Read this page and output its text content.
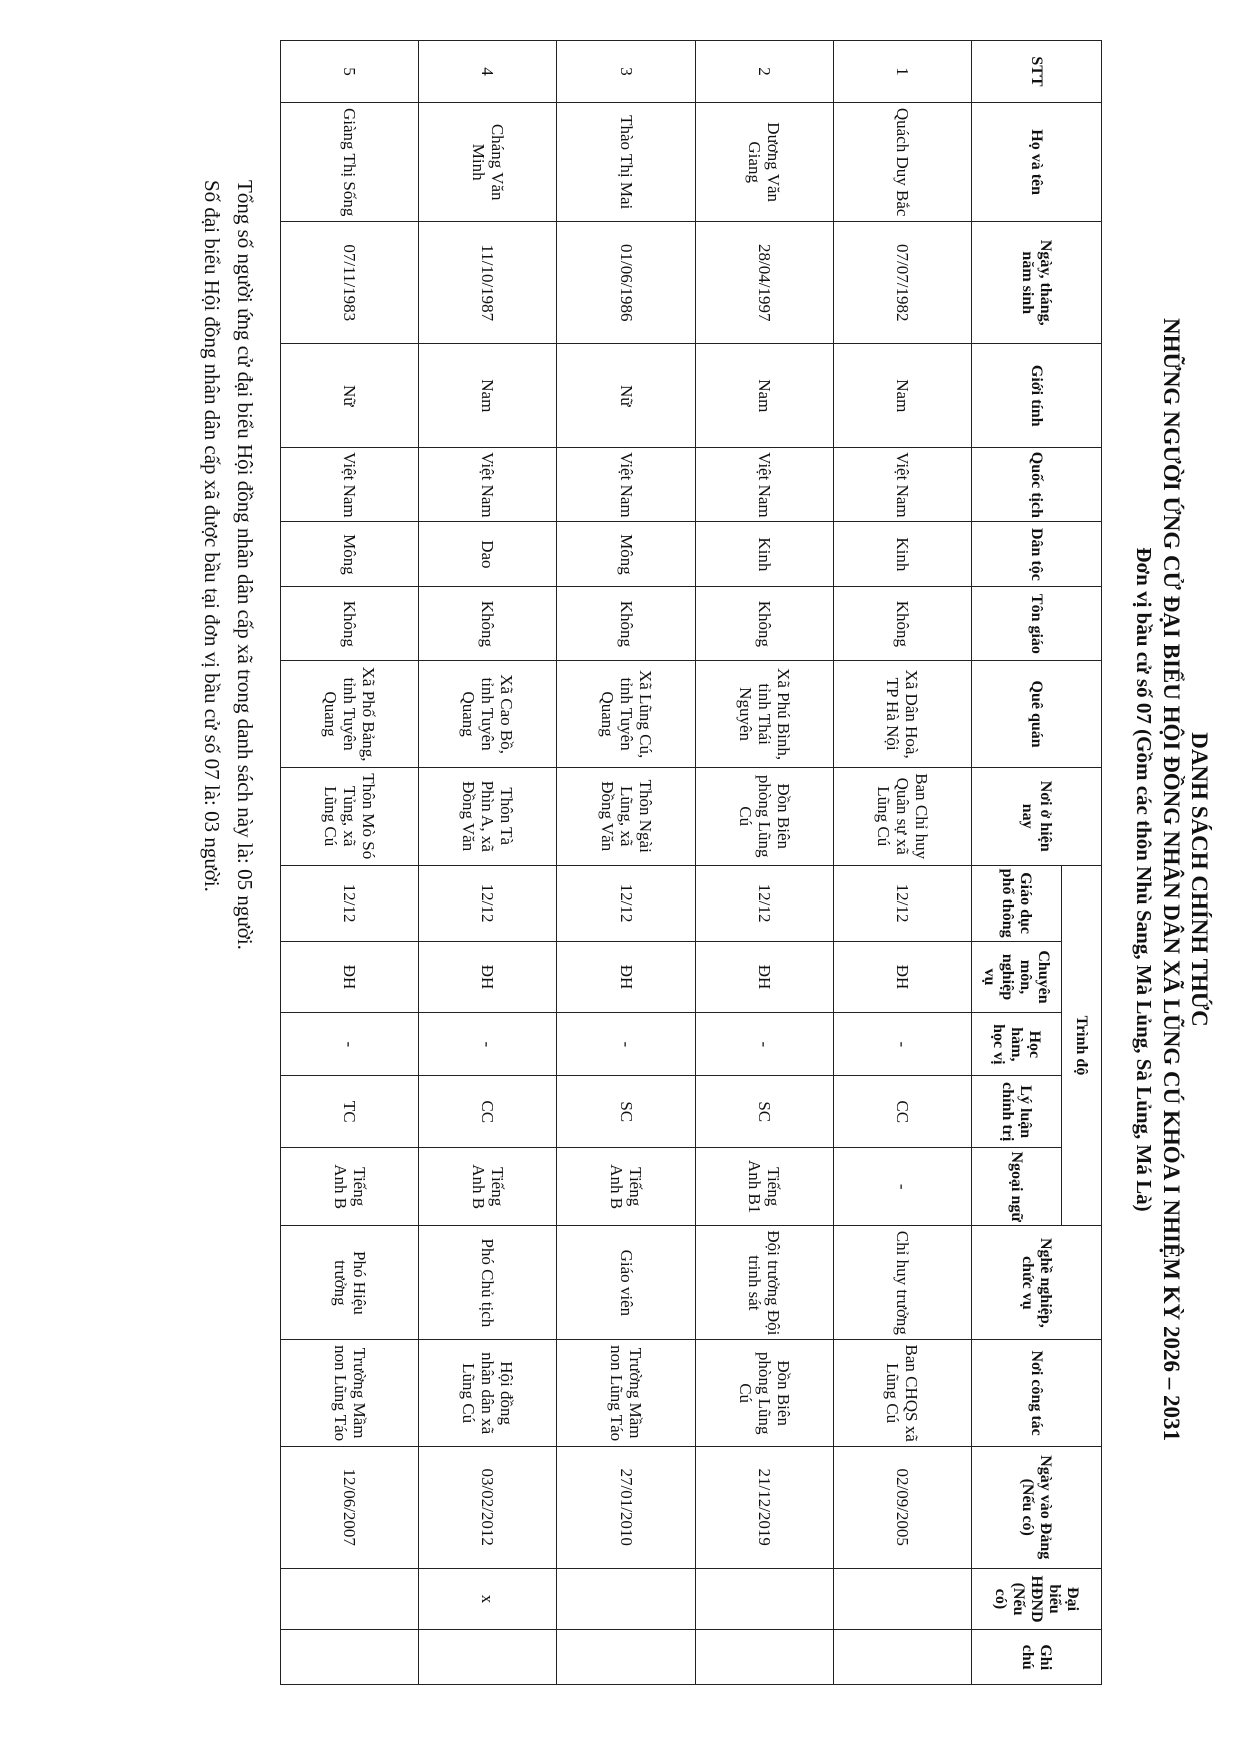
DANH SÁCH CHÍNH THỨC
NHỮNG NGƯỜI ỨNG CỬ ĐẠI BIỂU HỘI ĐỒNG NHÂN DÂN XÃ LŨNG CÚ KHÓA I NHIỆM KỲ 2026 – 2031
Đơn vị bầu cử số 07 (Gồm các thôn Nhù Sang, Mà Lủng, Sà Lủng, Má Là)
STT	Họ và tên	Ngày, tháng, năm sinh	Giới tính	Quốc tịch	Dân tộc	Tôn giáo	Quê quán	Nơi ở hiện nay	Trình độ					Nghề nghiệp, chức vụ	Nơi công tác	Ngày vào Đảng (Nếu có)	Đại biểu HĐND (Nếu có)	Ghi chú
									Giáo dục phổ thông	Chuyên môn, nghiệp vụ	Học hàm, học vị	Lý luận chính trị	Ngoại ngữ					
1	Quách Duy Bắc	07/07/1982	Nam	Việt Nam	Kinh	Không	Xã Dân Hoà, TP Hà Nội	Ban Chỉ huy Quân sự xã Lũng Cú	12/12	ĐH	-	CC	-	Chỉ huy trưởng	Ban CHQS xã Lũng Cú	02/09/2005		
2	Dương Văn Giang	28/04/1997	Nam	Việt Nam	Kinh	Không	Xã Phú Bình, tỉnh Thái Nguyên	Đồn Biên phòng Lũng Cú	12/12	ĐH	-	SC	Tiếng Anh B1	Đội trưởng Đội trinh sát	Đồn Biên phòng Lũng Cú	21/12/2019		
3	Thào Thị Mai	01/06/1986	Nữ	Việt Nam	Mông	Không	Xã Lũng Cú, tỉnh Tuyên Quang	Thôn Ngài Lũng, xã Đồng Văn	12/12	ĐH	-	SC	Tiếng Anh B	Giáo viên	Trường Mầm non Lũng Táo	27/01/2010		
4	Cháng Văn Minh	11/10/1987	Nam	Việt Nam	Dao	Không	Xã Cao Bồ, tỉnh Tuyên Quang	Thôn Tà Phìn A, xã Đồng Văn	12/12	ĐH	-	CC	Tiếng Anh B	Phó Chủ tịch	Hội đồng nhân dân xã Lũng Cú	03/02/2012	x	
5	Giàng Thị Sống	07/11/1983	Nữ	Việt Nam	Mông	Không	Xã Phố Bảng, tỉnh Tuyên Quang	Thôn Mò Só Tủng, xã Lũng Cú	12/12	ĐH	-	TC	Tiếng Anh B	Phó Hiệu trưởng	Trường Mầm non Lũng Táo	12/06/2007		
Tổng số người ứng cử đại biểu Hội đồng nhân dân cấp xã trong danh sách này là: 05 người.
Số đại biểu Hội đồng nhân dân cấp xã được bầu tại đơn vị bầu cử số 07 là: 03 người.
